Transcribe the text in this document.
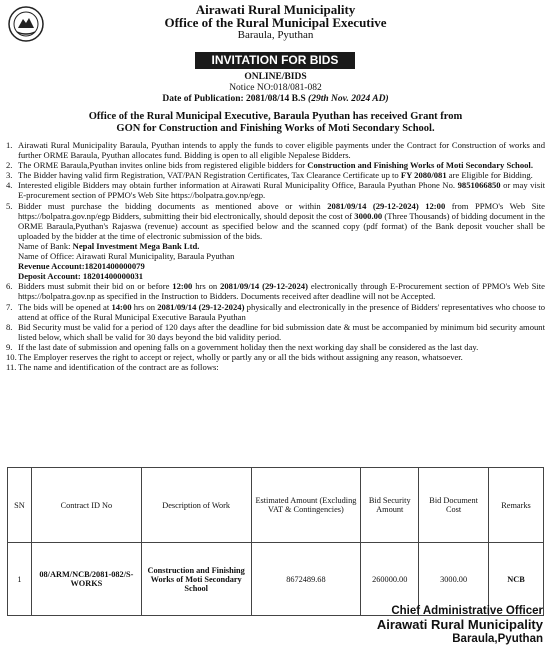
Airawati Rural Municipality
Office of the Rural Municipal Executive
Baraula, Pyuthan
INVITATION FOR BIDS
ONLINE/BIDS
Notice NO:018/081-082
Date of Publication: 2081/08/14 B.S (29th Nov. 2024 AD)
Office of the Rural Municipal Executive, Baraula Pyuthan has received Grant from
GON for Construction and Finishing Works of Moti Secondary School.
1. Airawati Rural Municipality Baraula, Pyuthan intends to apply the funds to cover eligible payments under the Contract for Construction of works and further ORME Baraula, Pyuthan allocates fund. Bidding is open to all eligible Nepalese Bidders.
2. The ORME Baraula,Pyuthan invites online bids from registered eligible bidders for Construction and Finishing Works of Moti Secondary School.
3. The Bidder having valid firm Registration, VAT/PAN Registration Certificates, Tax Clearance Certificate up to FY 2080/081 are Eligible for Bidding.
4. Interested eligible Bidders may obtain further information at Airawati Rural Municipality Office, Baraula Pyuthan Phone No. 9851066850 or may visit E-procurement section of PPMO's Web Site https://bolpatra.gov.np/egp.
5. Bidder must purchase the bidding documents as mentioned above or within 2081/09/14 (29-12-2024) 12:00 from PPMO's Web Site https://bolpatra.gov.np/egp Bidders, submitting their bid electronically, should deposit the cost of 3000.00 (Three Thousands) of bidding document in the ORME Baraula,Pyuthan's Rajaswa (revenue) account as specified below and the scanned copy (pdf format) of the Bank deposit voucher shall be uploaded by the bidder at the time of electronic submission of the bids.
Name of Bank: Nepal Investment Mega Bank Ltd.
Name of Office: Airawati Rural Municipality, Baraula Pyuthan
Revenue Account:18201400000079
Deposit Account: 18201400000031
6. Bidders must submit their bid on or before 12:00 hrs on 2081/09/14 (29-12-2024) electronically through E-Procurement section of PPMO's Web Site https://bolpatra.gov.np as specified in the Instruction to Bidders. Documents received after deadline will not be Accepted.
7. The bids will be opened at 14:00 hrs on 2081/09/14 (29-12-2024) physically and electronically in the presence of Bidders' representatives who choose to attend at office of the Rural Municipal Executive Baraula Pyuthan
8. Bid Security must be valid for a period of 120 days after the deadline for bid submission date & must be accompanied by minimum bid security amount listed below, which shall be valid for 30 days beyond the bid validity period.
9. If the last date of submission and opening falls on a government holiday then the next working day shall be considered as the last day.
10. The Employer reserves the right to accept or reject, wholly or partly any or all the bids without assigning any reason, whatsoever.
11. The name and identification of the contract are as follows:
SN	Contract ID No	Description of Work	Estimated Amount (Excluding VAT & Contingencies)	Bid Security Amount	Bid Document Cost	Remarks
1	08/ARM/NCB/2081-082/S-WORKS	Construction and Finishing Works of Moti Secondary School	8672489.68	260000.00	3000.00	NCB
Chief Administrative Officer
Airawati Rural Municipality
Baraula,Pyuthan
